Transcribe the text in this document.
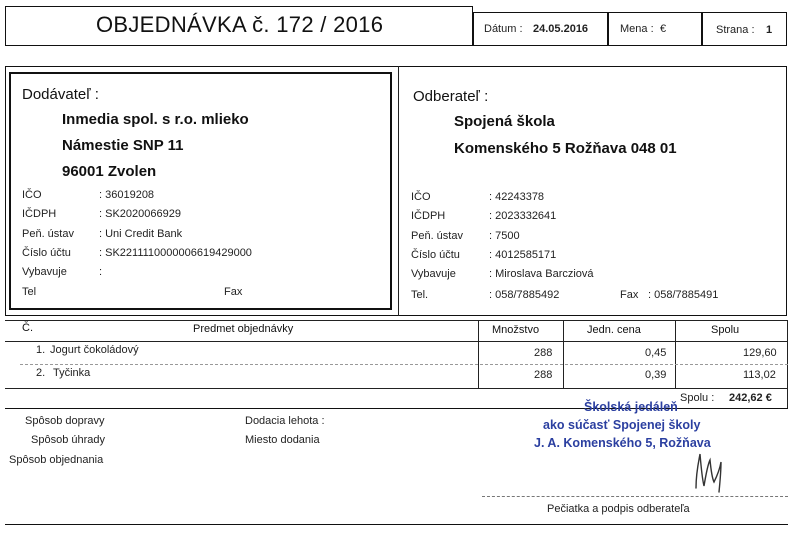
OBJEDNÁVKA č. 172 / 2016	Dátum : 24.05.2016	Mena : €	Strana : 1
Dodávateľ :
Inmedia spol. s r.o. mlieko
Námestie SNP 11
96001 Zvolen
IČO	: 36019208
IČDPH	: SK2020066929
Peň. ústav : Uni Credit Bank
Číslo účtu	: SK2211110000006619429000
Vybavuje	:
Tel	Fax
Odberateľ :
Spojená škola
Komenského 5 Rožňava 048 01
IČO	: 42243378
IČDPH	: 2023332641
Peň. ústav : 7500
Číslo účtu	: 4012585171
Vybavuje	: Miroslava Barcziová
Tel.	: 058/7885492	Fax : 058/7885491
Č.	Predmet objednávky	Množstvo	Jedn. cena	Spolu
1. Jogurt čokoládový	288	0,45	129,60
2. Tyčinka	288	0,39	113,02
Spolu : 242,62 €
Spôsob dopravy
Spôsob úhrady
Spôsob objednania
Dodacia lehota :
Miesto dodania
Školská jedáleň
ako súčasť Spojenej školy
J. A. Komenského 5, Rožňava
Pečiatka a podpis odberateľa
